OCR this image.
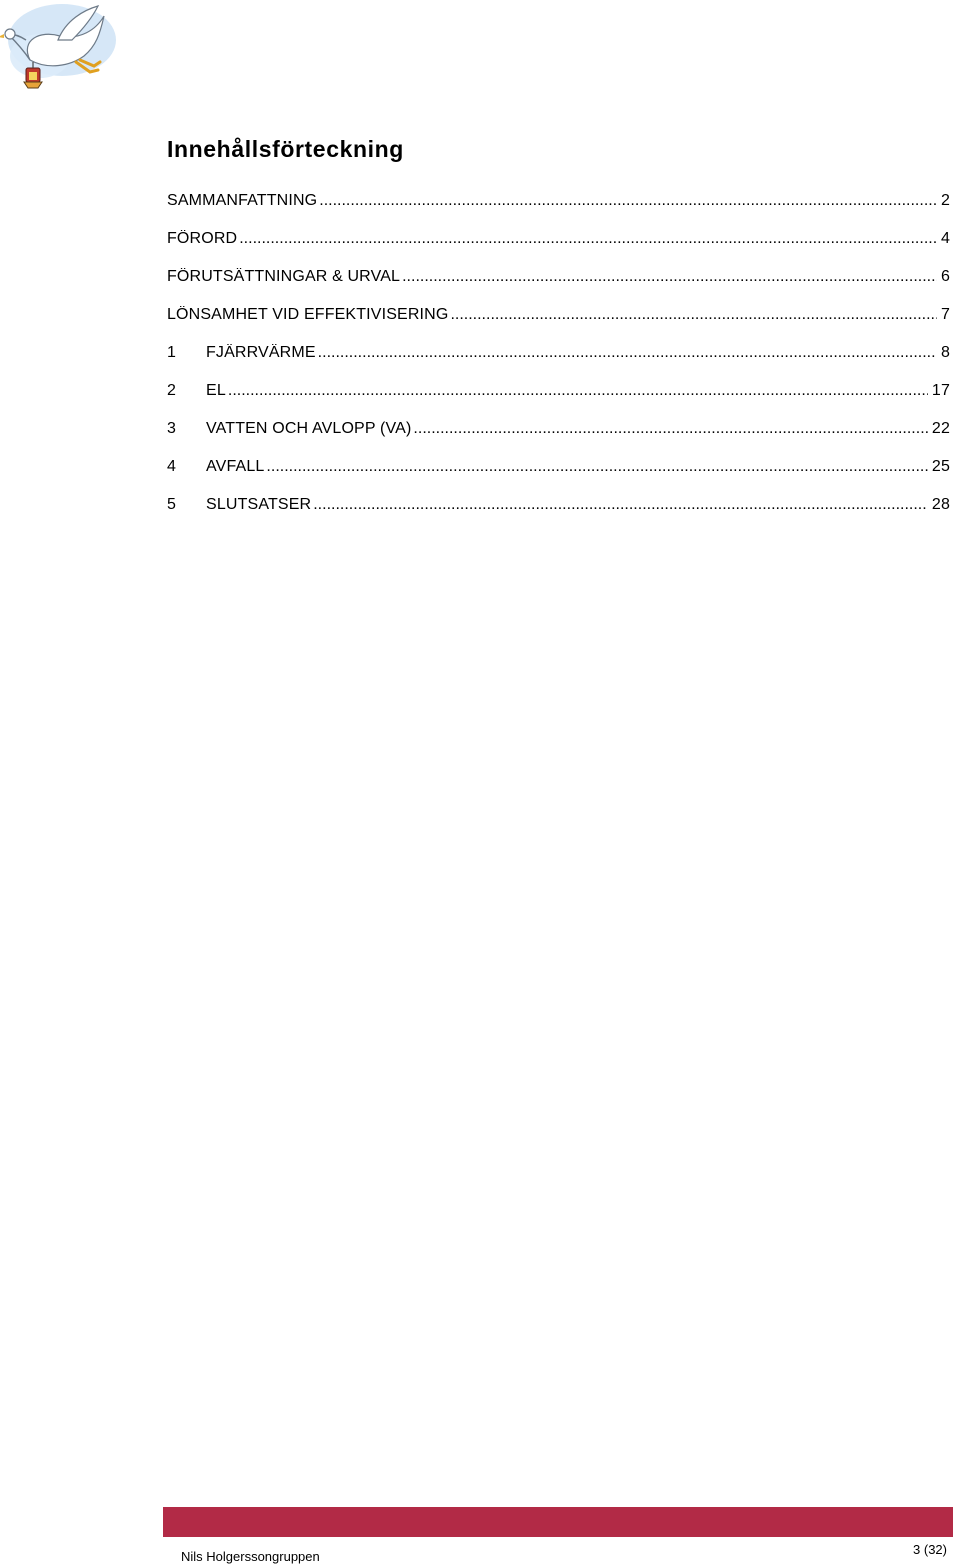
Innehållsförteckning
SAMMANFATTNING .....	2
FÖRORD .....	4
FÖRUTSÄTTNINGAR & URVAL .....	6
LÖNSAMHET VID EFFEKTIVISERING .....	7
1	FJÄRRVÄRME .....	8
2	EL .....	17
3	VATTEN OCH AVLOPP (VA) .....	22
4	AVFALL .....	25
5	SLUTSATSER .....	28
Nils Holgerssongruppen	3 (32)
